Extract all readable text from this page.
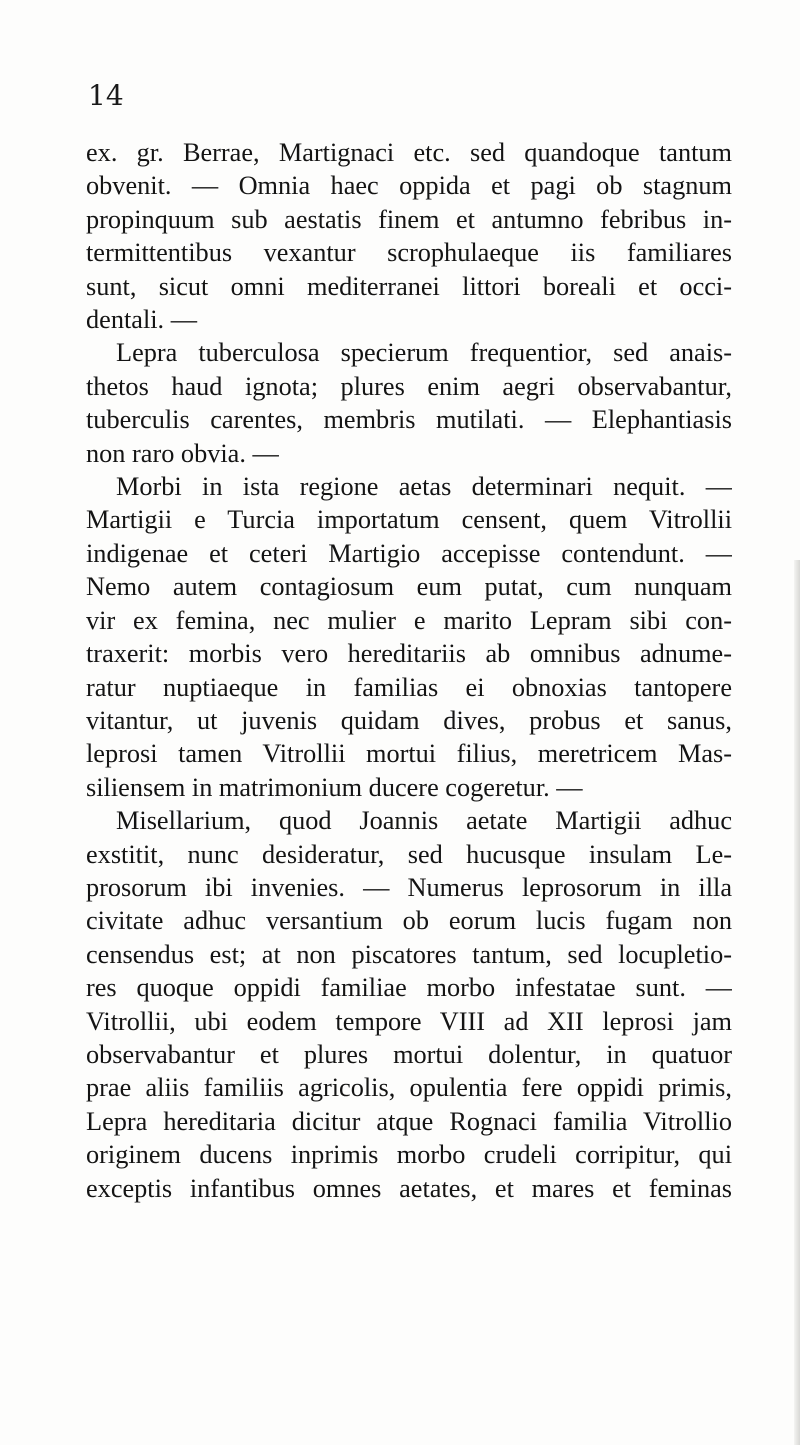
14
ex. gr. Berrae, Martignaci etc. sed quandoque tantum
obvenit. — Omnia haec oppida et pagi ob stagnum
propinquum sub aestatis finem et antumno febribus in-
termittentibus vexantur scrophulaeque iis familiares
sunt, sicut omni mediterranei littori boreali et occi-
dentali. —
Lepra tuberculosa specierum frequentior, sed anais-
thetos haud ignota; plures enim aegri observabantur,
tuberculis carentes, membris mutilati. — Elephantiasis
non raro obvia. —
Morbi in ista regione aetas determinari nequit. —
Martigii e Turcia importatum censent, quem Vitrollii
indigenae et ceteri Martigio accepisse contendunt. —
Nemo autem contagiosum eum putat, cum nunquam
vir ex femina, nec mulier e marito Lepram sibi con-
traxerit: morbis vero hereditariis ab omnibus adnume-
ratur nuptiaeque in familias ei obnoxias tantopere
vitantur, ut juvenis quidam dives, probus et sanus,
leprosi tamen Vitrollii mortui filius, meretricem Mas-
siliensem in matrimonium ducere cogeretur. —
Misellarium, quod Joannis aetate Martigii adhuc
exstitit, nunc desideratur, sed hucusque insulam Le-
prosorum ibi invenies. — Numerus leprosorum in illa
civitate adhuc versantium ob eorum lucis fugam non
censendus est; at non piscatores tantum, sed locupletio-
res quoque oppidi familiae morbo infestatae sunt. —
Vitrollii, ubi eodem tempore VIII ad XII leprosi jam
observabantur et plures mortui dolentur, in quatuor
prae aliis familiis agricolis, opulentia fere oppidi primis,
Lepra hereditaria dicitur atque Rognaci familia Vitrollio
originem ducens inprimis morbo crudeli corripitur, qui
exceptis infantibus omnes aetates, et mares et feminas
